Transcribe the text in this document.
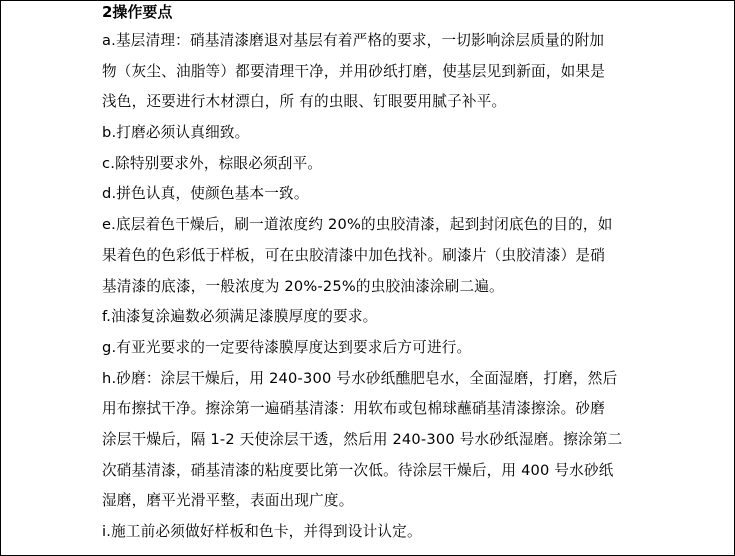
2操作要点
a.基层清理：硝基清漆磨退对基层有着严格的要求，一切影响涂层质量的附加
物（灰尘、油脂等）都要清理干净，并用砂纸打磨，使基层见到新面，如果是
浅色，还要进行木材漂白，所 有的虫眼、钉眼要用腻子补平。
b.打磨必须认真细致。
c.除特别要求外，棕眼必须刮平。
d.拼色认真，使颜色基本一致。
e.底层着色干燥后，刷一道浓度约 20%的虫胶清漆，起到封闭底色的目的，如
果着色的色彩低于样板，可在虫胶清漆中加色找补。刷漆片（虫胶清漆）是硝
基清漆的底漆，一般浓度为 20%-25%的虫胶油漆涂刷二遍。
f.油漆复涂遍数必须满足漆膜厚度的要求。
g.有亚光要求的一定要待漆膜厚度达到要求后方可进行。
h.砂磨：涂层干燥后，用 240-300 号水砂纸醮肥皂水，全面湿磨，打磨，然后
用布擦拭干净。擦涂第一遍硝基清漆：用软布或包棉球蘸硝基清漆擦涂。砂磨
涂层干燥后，隔 1-2 天使涂层干透，然后用 240-300 号水砂纸湿磨。擦涂第二
次硝基清漆，硝基清漆的粘度要比第一次低。待涂层干燥后，用 400 号水砂纸
湿磨，磨平光滑平整，表面出现广度。
i.施工前必须做好样板和色卡，并得到设计认定。
